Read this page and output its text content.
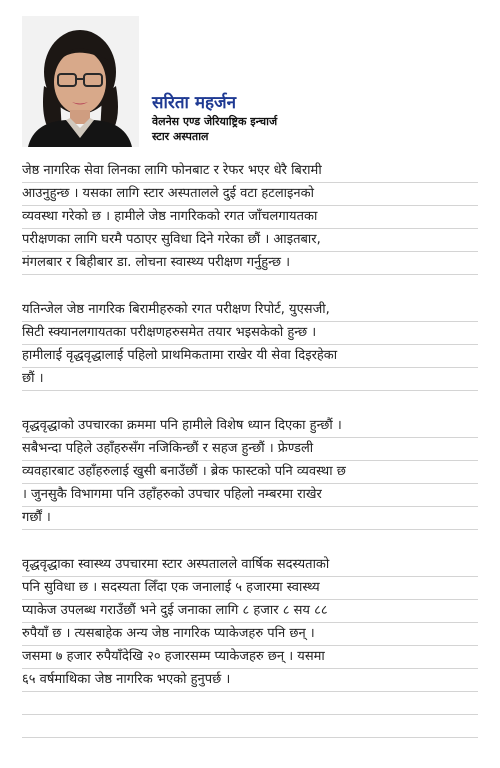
सरिता महर्जन
वेलनेस एण्ड जेरियाष्ट्रिक इन्चार्ज
स्टार अस्पताल
जेष्ठ नागरिक सेवा लिनका लागि फोनबाट र रेफर भएर धेरै बिरामी
आउनुहुन्छ । यसका लागि स्टार अस्पतालले दुई वटा हटलाइनको
व्यवस्था गरेको छ । हामीले जेष्ठ नागरिकको रगत जाँचलगायतका
परीक्षणका लागि घरमै पठाएर सुविधा दिने गरेका छौं । आइतबार,
मंगलबार र बिहीबार डा. लोचना स्वास्थ्य परीक्षण गर्नुहुन्छ ।
यतिन्जेल जेष्ठ नागरिक बिरामीहरुको रगत परीक्षण रिपोर्ट, युएसजी,
सिटी स्क्यानलगायतका परीक्षणहरुसमेत तयार भइसकेको हुन्छ ।
हामीलाई वृद्धवृद्धालाई पहिलो प्राथमिकतामा राखेर यी सेवा दिइरहेका
छौं ।
वृद्धवृद्धाको उपचारका क्रममा पनि हामीले विशेष ध्यान दिएका हुन्छौं ।
सबैभन्दा पहिले उहाँहरुसँग नजिकिन्छौं र सहज हुन्छौं । फ्रेण्डली
व्यवहारबाट उहाँहरुलाई खुसी बनाउँछौं । ब्रेक फास्टको पनि व्यवस्था छ
। जुनसुकै विभागमा पनि उहाँहरुको उपचार पहिलो नम्बरमा राखेर
गर्छौं ।
वृद्धवृद्धाका स्वास्थ्य उपचारमा स्टार अस्पतालले वार्षिक सदस्यताको
पनि सुविधा छ । सदस्यता लिँदा एक जनालाई ५ हजारमा स्वास्थ्य
प्याकेज उपलब्ध गराउँछौं भने दुई जनाका लागि ८ हजार ८ सय ८८
रुपैयाँ छ । त्यसबाहेक अन्य जेष्ठ नागरिक प्याकेजहरु पनि छन् ।
जसमा ७ हजार रुपैयाँदेखि २० हजारसम्म प्याकेजहरु छन् । यसमा
६५ वर्षमाथिका जेष्ठ नागरिक भएको हुनुपर्छ ।
